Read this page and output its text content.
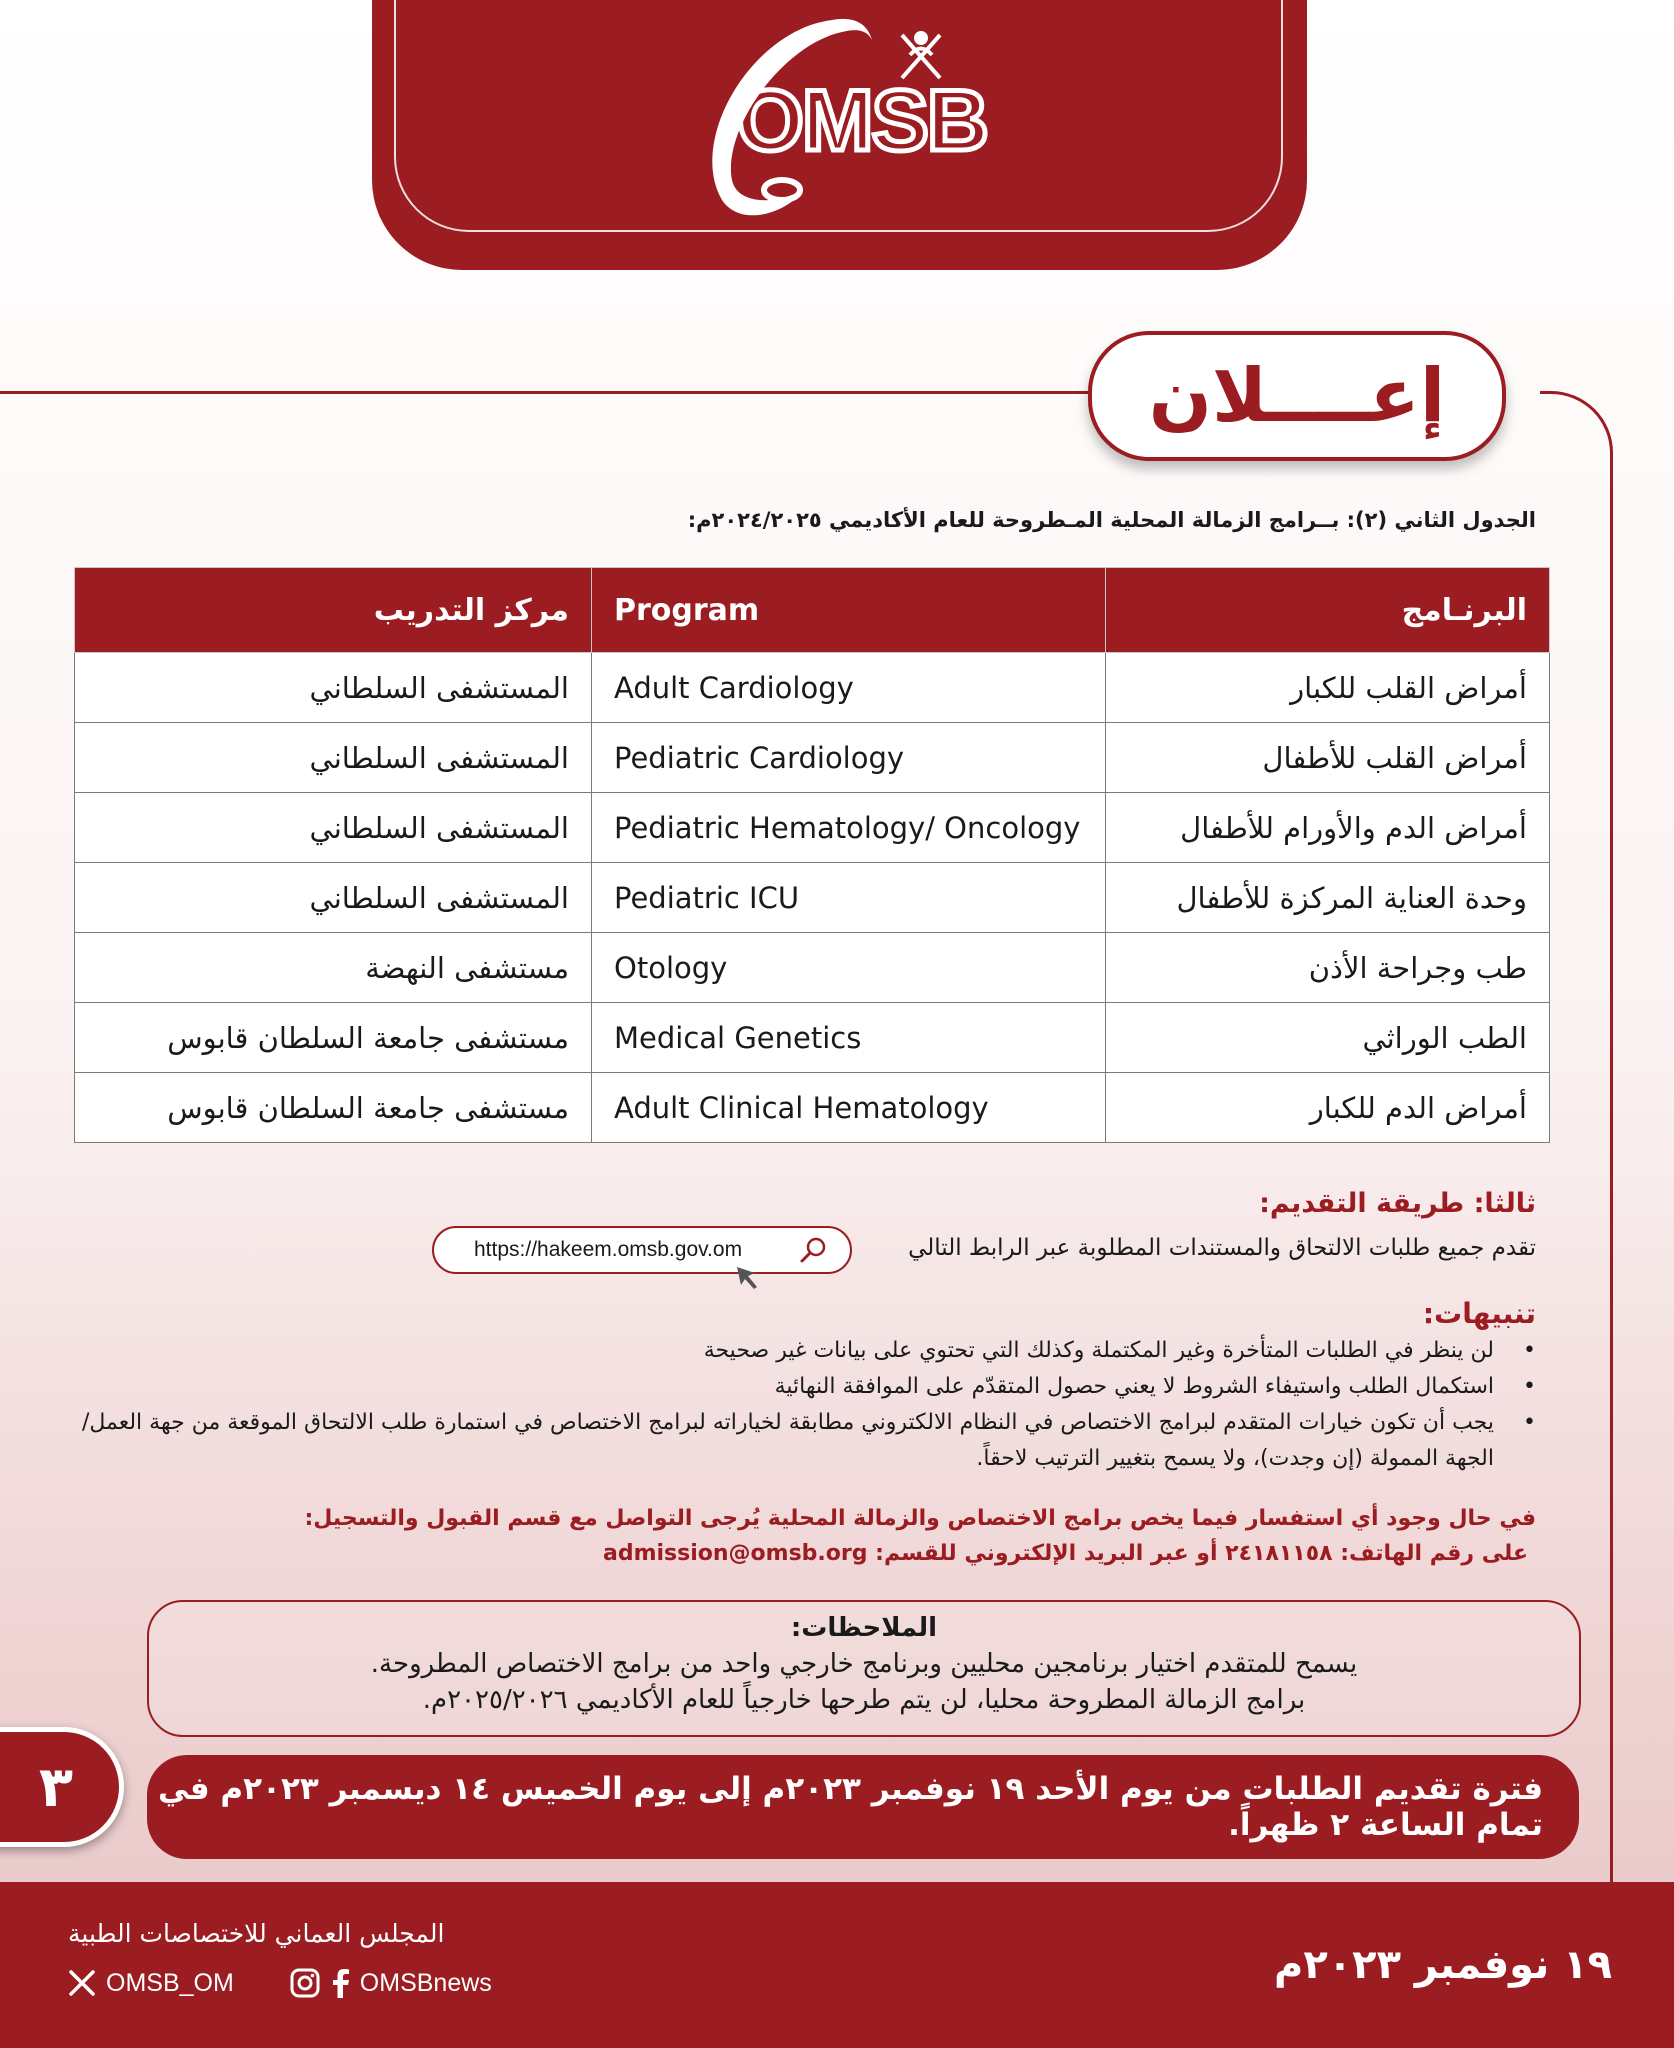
OMSB
إعــــلان
الجدول الثاني (٢): بــرامج الزمالة المحلية المـطروحة للعام الأكاديمي ٢٠٢٤/٢٠٢٥م:
مركز التدريب	Program	البرنـامج
المستشفى السلطاني	Adult Cardiology	أمراض القلب للكبار
المستشفى السلطاني	Pediatric Cardiology	أمراض القلب للأطفال
المستشفى السلطاني	Pediatric Hematology/ Oncology	أمراض الدم والأورام للأطفال
المستشفى السلطاني	Pediatric ICU	وحدة العناية المركزة للأطفال
مستشفى النهضة	Otology	طب وجراحة الأذن
مستشفى جامعة السلطان قابوس	Medical Genetics	الطب الوراثي
مستشفى جامعة السلطان قابوس	Adult Clinical Hematology	أمراض الدم للكبار
ثالثا: طريقة التقديم:
تقدم جميع طلبات الالتحاق والمستندات المطلوبة عبر الرابط التالي
https://hakeem.omsb.gov.om
تنبيهات:
• لن ينظر في الطلبات المتأخرة وغير المكتملة وكذلك التي تحتوي على بيانات غير صحيحة
• استكمال الطلب واستيفاء الشروط لا يعني حصول المتقدّم على الموافقة النهائية
• يجب أن تكون خيارات المتقدم لبرامج الاختصاص في النظام الالكتروني مطابقة لخياراته لبرامج الاختصاص في استمارة طلب الالتحاق الموقعة من جهة العمل/الجهة الممولة (إن وجدت)، ولا يسمح بتغيير الترتيب لاحقاً.
في حال وجود أي استفسار فيما يخص برامج الاختصاص والزمالة المحلية يُرجى التواصل مع قسم القبول والتسجيل:
على رقم الهاتف: ٢٤١٨١١٥٨ أو عبر البريد الإلكتروني للقسم: admission@omsb.org
الملاحظات:
يسمح للمتقدم اختيار برنامجين محليين وبرنامج خارجي واحد من برامج الاختصاص المطروحة.
برامج الزمالة المطروحة محليا، لن يتم طرحها خارجياً للعام الأكاديمي ٢٠٢٥/٢٠٢٦م.
فترة تقديم الطلبات من يوم الأحد ١٩ نوفمبر ٢٠٢٣م إلى يوم الخميس ١٤ ديسمبر ٢٠٢٣م في تمام الساعة ٢ ظهراً.
٣
المجلس العماني للاختصاصات الطبية
OMSB_OM	OMSBnews	١٩ نوفمبر ٢٠٢٣م
